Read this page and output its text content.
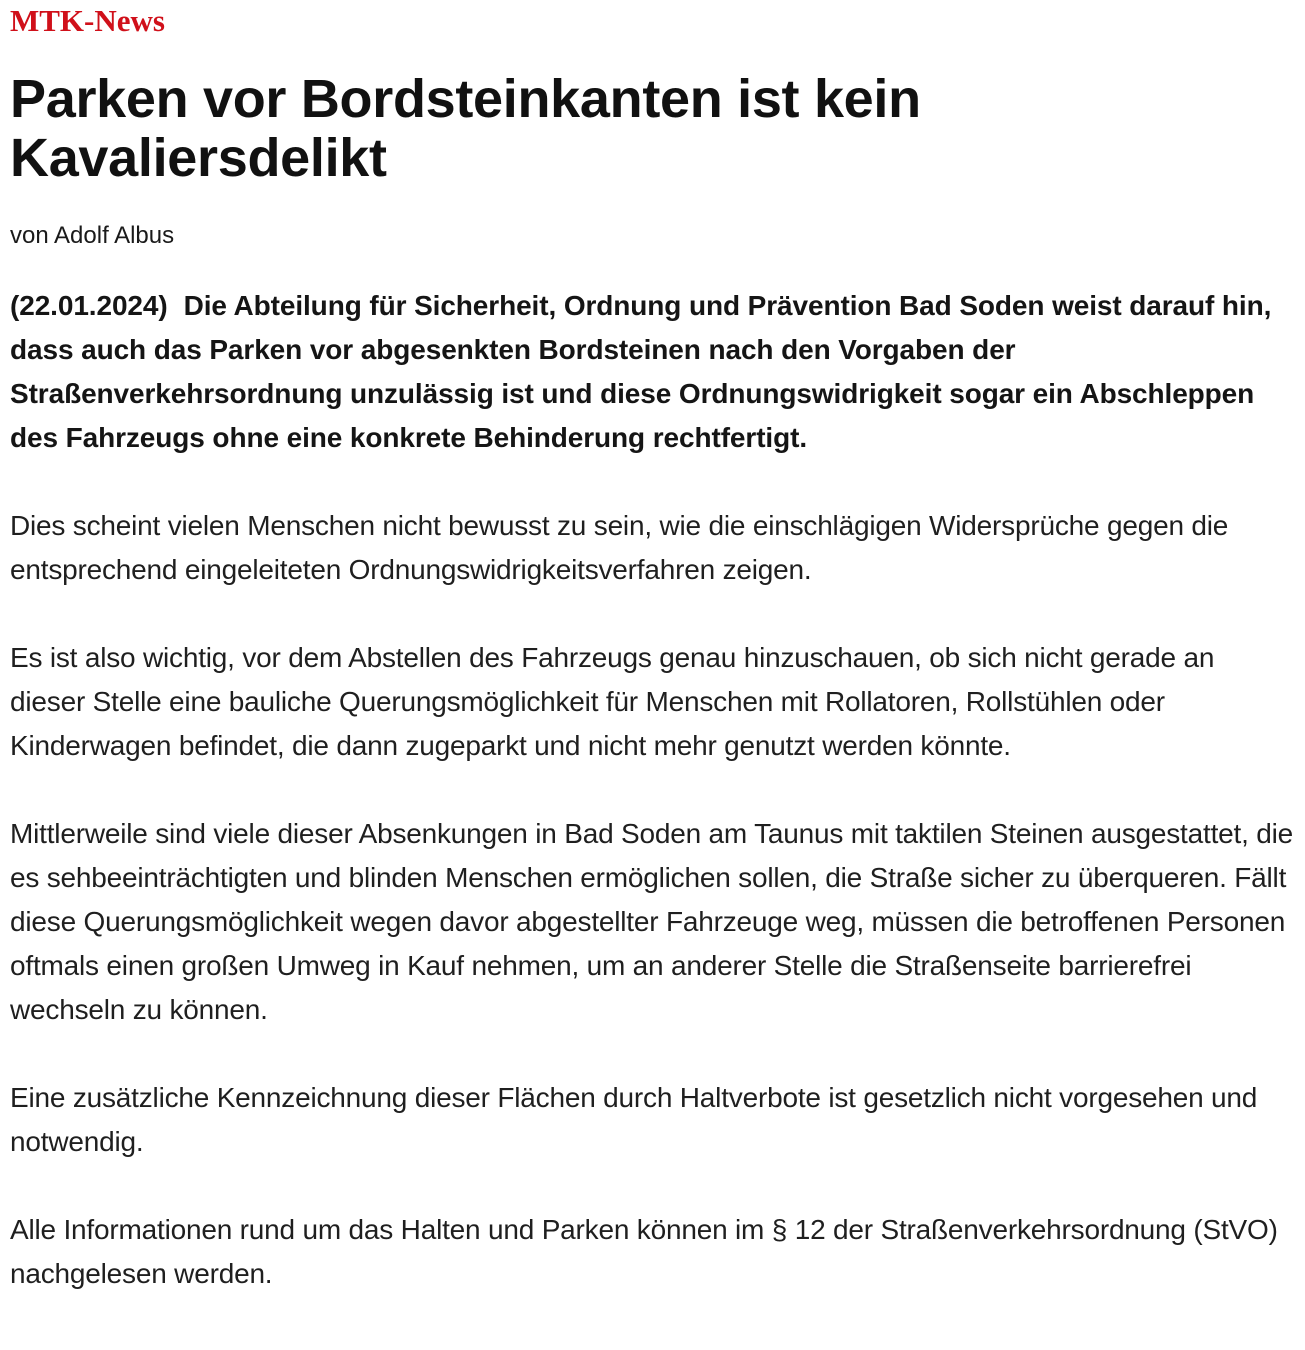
MTK-News
Parken vor Bordsteinkanten ist kein Kavaliersdelikt
von Adolf Albus

(22.01.2024) Die Abteilung für Sicherheit, Ordnung und Prävention Bad Soden weist darauf hin, dass auch das Parken vor abgesenkten Bordsteinen nach den Vorgaben der Straßenverkehrsordnung unzulässig ist und diese Ordnungswidrigkeit sogar ein Abschleppen des Fahrzeugs ohne eine konkrete Behinderung rechtfertigt.

Dies scheint vielen Menschen nicht bewusst zu sein, wie die einschlägigen Widersprüche gegen die entsprechend eingeleiteten Ordnungswidrigkeitsverfahren zeigen.

Es ist also wichtig, vor dem Abstellen des Fahrzeugs genau hinzuschauen, ob sich nicht gerade an dieser Stelle eine bauliche Querungsmöglichkeit für Menschen mit Rollatoren, Rollstühlen oder Kinderwagen befindet, die dann zugeparkt und nicht mehr genutzt werden könnte.

Mittlerweile sind viele dieser Absenkungen in Bad Soden am Taunus mit taktilen Steinen ausgestattet, die es sehbeeinträchtigten und blinden Menschen ermöglichen sollen, die Straße sicher zu überqueren. Fällt diese Querungsmöglichkeit wegen davor abgestellter Fahrzeuge weg, müssen die betroffenen Personen oftmals einen großen Umweg in Kauf nehmen, um an anderer Stelle die Straßenseite barrierefrei wechseln zu können.

Eine zusätzliche Kennzeichnung dieser Flächen durch Haltverbote ist gesetzlich nicht vorgesehen und notwendig.

Alle Informationen rund um das Halten und Parken können im § 12 der Straßenverkehrsordnung (StVO) nachgelesen werden.
